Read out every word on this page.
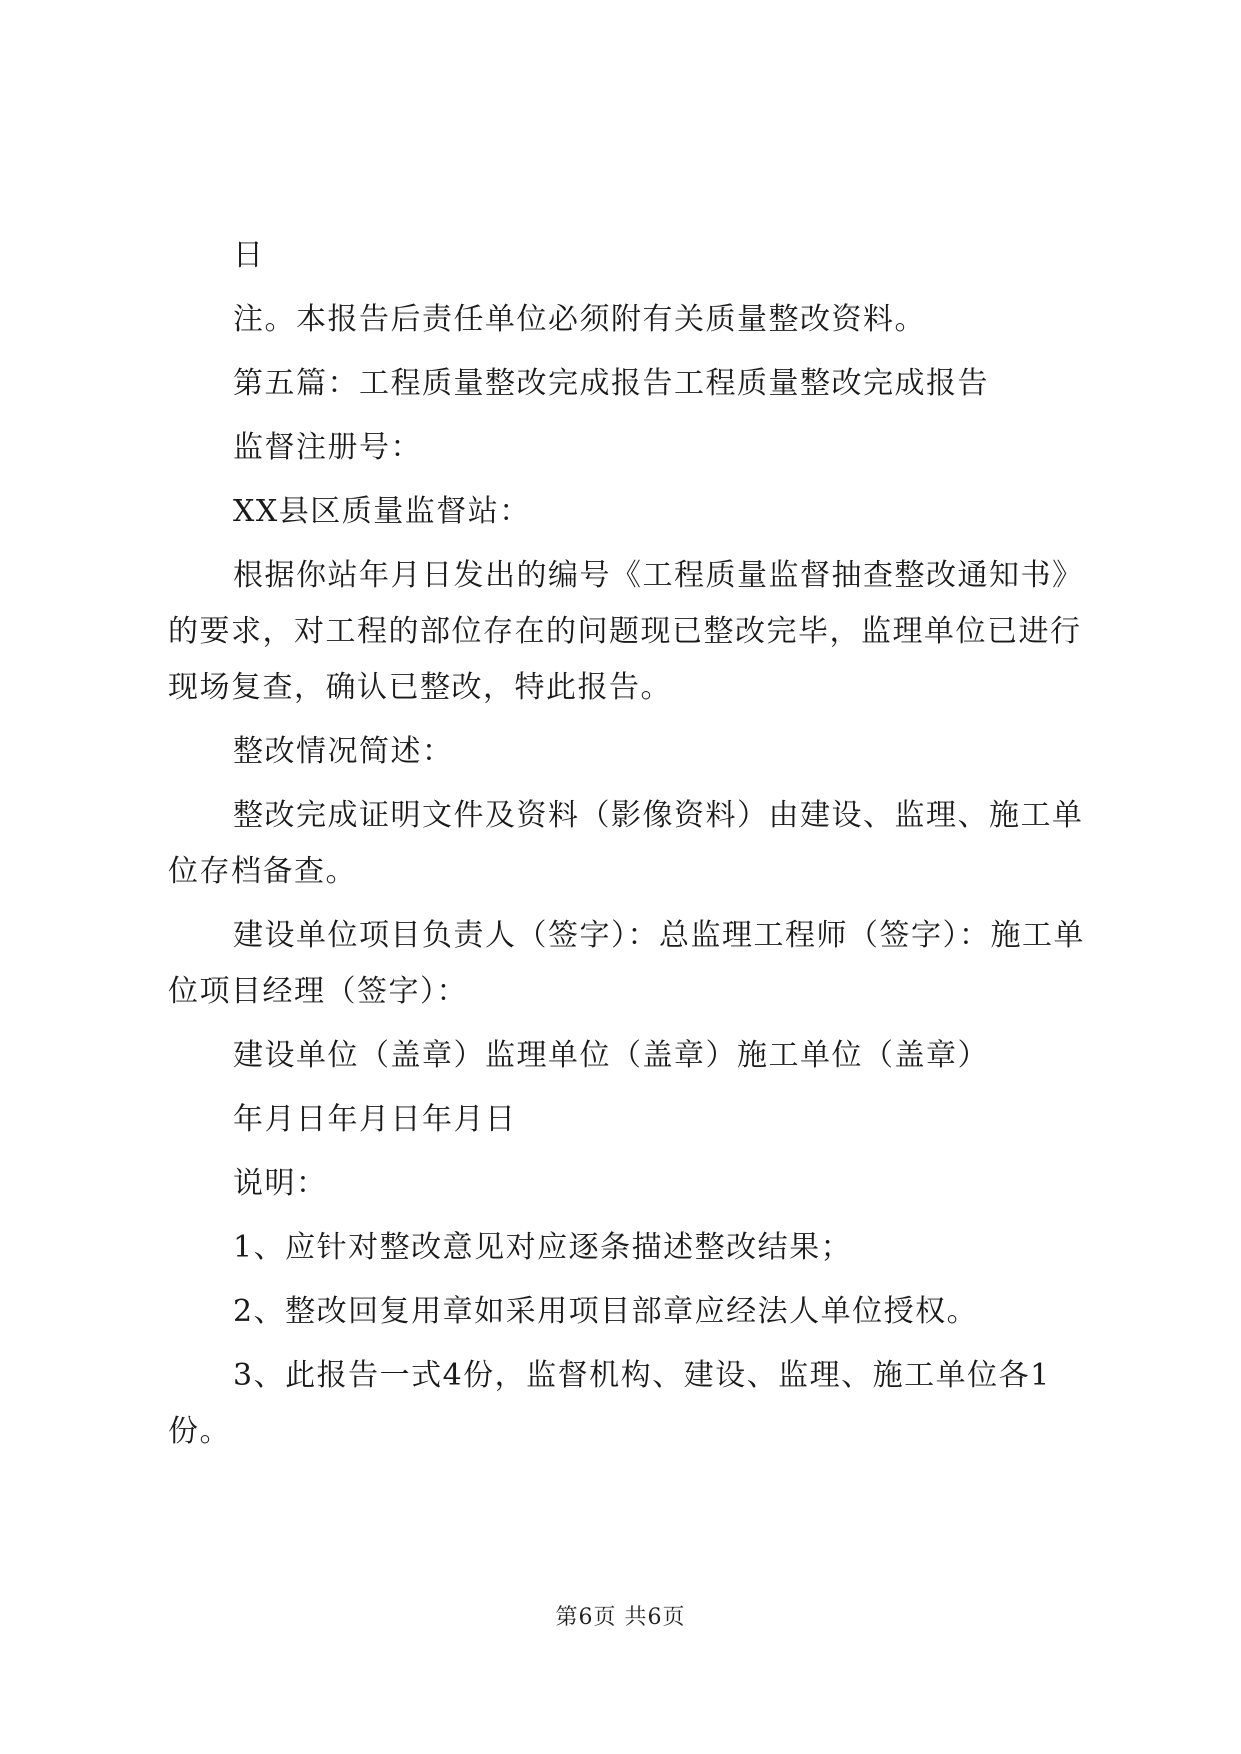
日

注。本报告后责任单位必须附有关质量整改资料。

第五篇：工程质量整改完成报告工程质量整改完成报告

监督注册号：

XX县区质量监督站：

根据你站年月日发出的编号《工程质量监督抽查整改通知书》的要求，对工程的部位存在的问题现已整改完毕，监理单位已进行现场复查，确认已整改，特此报告。

整改情况简述：

整改完成证明文件及资料（影像资料）由建设、监理、施工单位存档备查。

建设单位项目负责人（签字）：总监理工程师（签字）：施工单位项目经理（签字）：

建设单位（盖章）监理单位（盖章）施工单位（盖章）

年月日年月日年月日

说明：

1、应针对整改意见对应逐条描述整改结果；

2、整改回复用章如采用项目部章应经法人单位授权。

3、此报告一式4份，监督机构、建设、监理、施工单位各1份。

第6页 共6页
